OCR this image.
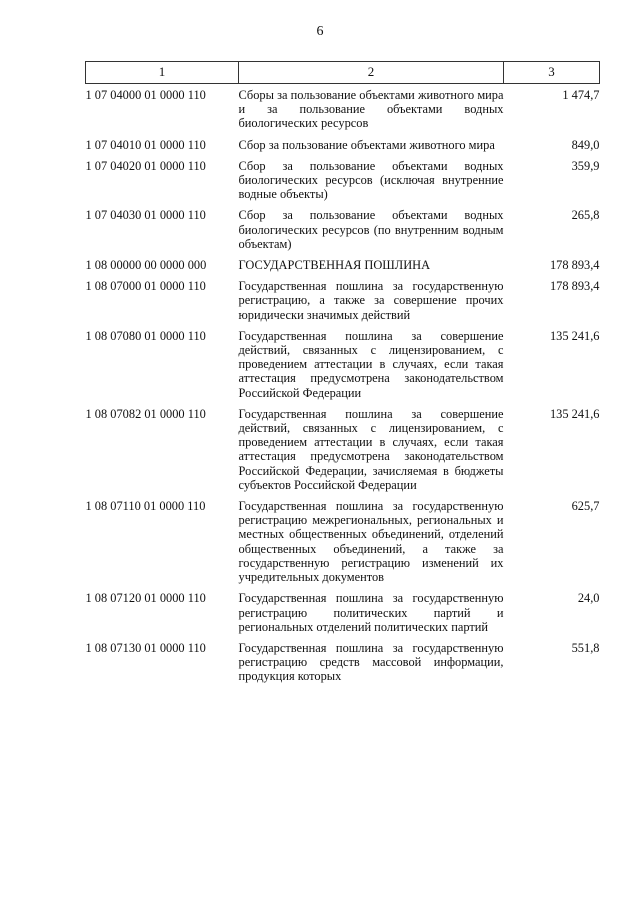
6
1	2	3
1 07 04000 01 0000 110	Сборы за пользование объектами животного мира и за пользование объектами водных биологических ресурсов	1 474,7
1 07 04010 01 0000 110	Сбор за пользование объектами животного мира	849,0
1 07 04020 01 0000 110	Сбор за пользование объектами водных биологических ресурсов (исключая внутренние водные объекты)	359,9
1 07 04030 01 0000 110	Сбор за пользование объектами водных биологических ресурсов (по внутренним водным объектам)	265,8
1 08 00000 00 0000 000	ГОСУДАРСТВЕННАЯ ПОШЛИНА	178 893,4
1 08 07000 01 0000 110	Государственная пошлина за государственную регистрацию, а также за совершение прочих юридически значимых действий	178 893,4
1 08 07080 01 0000 110	Государственная пошлина за совершение действий, связанных с лицензированием, с проведением аттестации в случаях, если такая аттестация предусмотрена законодательством Российской Федерации	135 241,6
1 08 07082 01 0000 110	Государственная пошлина за совершение действий, связанных с лицензированием, с проведением аттестации в случаях, если такая аттестация предусмотрена законодательством Российской Федерации, зачисляемая в бюджеты субъектов Российской Федерации	135 241,6
1 08 07110 01 0000 110	Государственная пошлина за государственную регистрацию межрегиональных, региональных и местных общественных объединений, отделений общественных объединений, а также за государственную регистрацию изменений их учредительных документов	625,7
1 08 07120 01 0000 110	Государственная пошлина за государственную регистрацию политических партий и региональных отделений политических партий	24,0
1 08 07130 01 0000 110	Государственная пошлина за государственную регистрацию средств массовой информации, продукция которых	551,8
